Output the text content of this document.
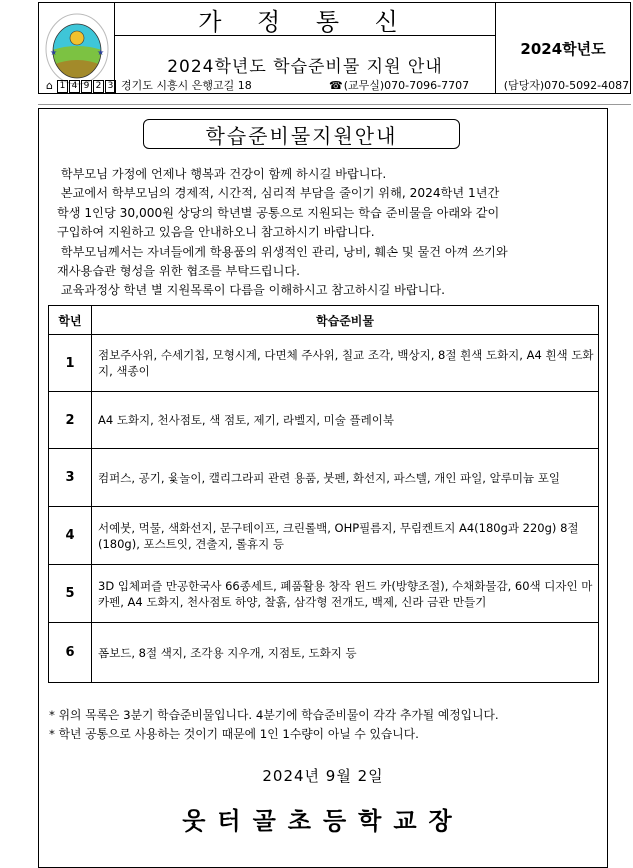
★	★
가 정 통 신
2024학년도 학습준비물 지원 안내
2024학년도
⌂ 1 4 9 2 3 경기도 시흥시 은행고길 18	☎ (교무실)070-7096-7707	(담당자)070-5092-4087
학습준비물지원안내
학부모님 가정에 언제나 행복과 건강이 함께 하시길 바랍니다.
본교에서 학부모님의 경제적, 시간적, 심리적 부담을 줄이기 위해, 2024학년 1년간
학생 1인당 30,000원 상당의 학년별 공통으로 지원되는 학습 준비물을 아래와 같이
구입하여 지원하고 있음을 안내하오니 참고하시기 바랍니다.
학부모님께서는 자녀들에게 학용품의 위생적인 관리, 낭비, 훼손 및 물건 아껴 쓰기와
재사용습관 형성을 위한 협조를 부탁드립니다.
교육과정상 학년 별 지원목록이 다름을 이해하시고 참고하시길 바랍니다.
학년	학습준비물
1	점보주사위, 수세기칩, 모형시계, 다면체 주사위, 칠교 조각, 백상지, 8절 흰색 도화지, A4 흰색 도화지, 색종이
2	A4 도화지, 천사점토, 색 점토, 제기, 라벨지, 미술 플레이북
3	컴퍼스, 공기, 윷놀이, 캘리그라피 관련 용품, 붓펜, 화선지, 파스텔, 개인 파일, 알루미늄 포일
4	서예붓, 먹물, 색화선지, 문구테이프, 크린롤백, OHP필름지, 무림켄트지 A4(180g과 220g) 8절(180g), 포스트잇, 견출지, 롤휴지 등
5	3D 입체퍼즐 만공한국사 66종세트, 폐품활용 창작 윈드 카(방향조절), 수채화물감, 60색 디자인 마카펜, A4 도화지, 천사점토 하양, 찰흙, 삼각형 전개도, 백제, 신라 금관 만들기
6	폼보드, 8절 색지, 조각용 지우개, 지점토, 도화지 등
* 위의 목록은 3분기 학습준비물입니다. 4분기에 학습준비물이 각각 추가될 예정입니다.
* 학년 공통으로 사용하는 것이기 때문에 1인 1수량이 아닐 수 있습니다.
2024년 9월 2일
웃터골초등학교장
